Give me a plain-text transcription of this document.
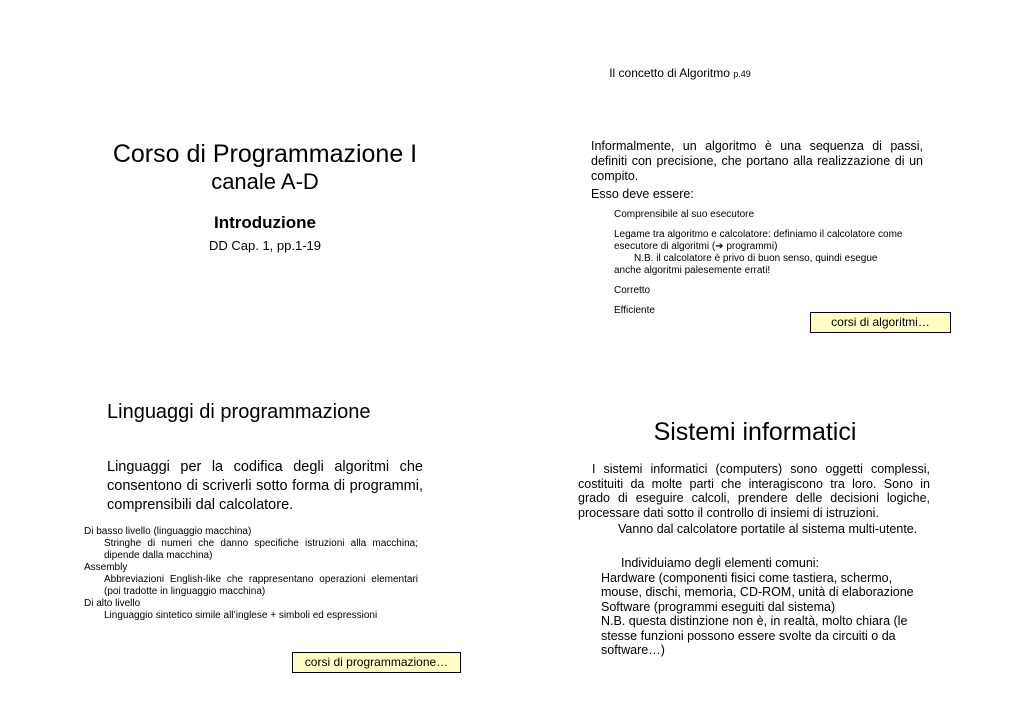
Corso di Programmazione I
canale A-D
Introduzione
DD Cap. 1, pp.1-19
Il concetto di Algoritmo p.49

Informalmente, un algoritmo è una sequenza di passi, definiti con precisione, che portano alla realizzazione di un compito.

Esso deve essere:

Comprensibile al suo esecutore
Legame tra algoritmo e calcolatore: definiamo il calcolatore come esecutore di algoritmi (➔ programmi)
N.B. il calcolatore è privo di buon senso, quindi esegue
anche algoritmi palesemente errati!
Corretto
Efficiente
corsi di algoritmi…
Linguaggi di programmazione
Linguaggi per la codifica degli algoritmi che consentono di scriverli sotto forma di programmi, comprensibili dal calcolatore.
Di basso livello (linguaggio macchina)
Stringhe di numeri che danno specifiche istruzioni alla macchina; dipende dalla macchina)
Assembly
Abbreviazioni English-like che rappresentano operazioni elementari (poi tradotte in linguaggio macchina)
Di alto livello
Linguaggio sintetico simile all’inglese + simboli ed espressioni
corsi di programmazione…
Sistemi informatici

I sistemi informatici (computers) sono oggetti complessi, costituiti da molte parti che interagiscono tra loro. Sono in grado di eseguire calcoli, prendere delle decisioni logiche, processare dati sotto il controllo di insiemi di istruzioni.

Vanno dal calcolatore portatile al sistema multi-utente.

Individuiamo degli elementi comuni:
Hardware (componenti fisici come tastiera, schermo, mouse, dischi, memoria, CD-ROM, unità di elaborazione
Software (programmi eseguiti dal sistema)
N.B. questa distinzione non è, in realtà, molto chiara (le stesse funzioni possono essere svolte da circuiti o da software…)
